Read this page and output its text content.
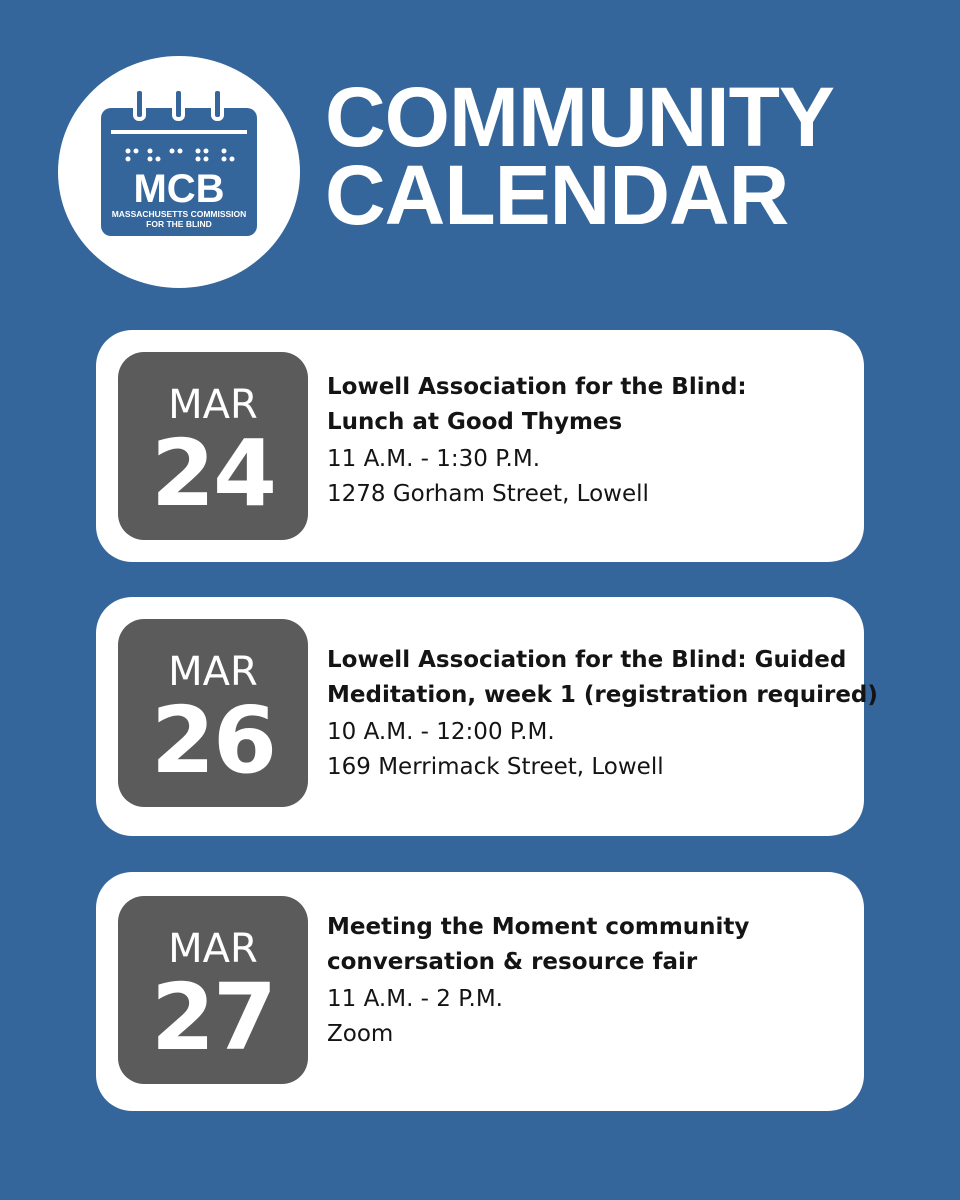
MCB
MASSACHUSETTS COMMISSION
FOR THE BLIND
COMMUNITY
CALENDAR
MAR
24
Lowell Association for the Blind:
Lunch at Good Thymes
11 A.M. - 1:30 P.M.
1278 Gorham Street, Lowell
MAR
26
Lowell Association for the Blind: Guided
Meditation, week 1 (registration required)
10 A.M. - 12:00 P.M.
169 Merrimack Street, Lowell
MAR
27
Meeting the Moment community
conversation & resource fair
11 A.M. - 2 P.M.
Zoom
